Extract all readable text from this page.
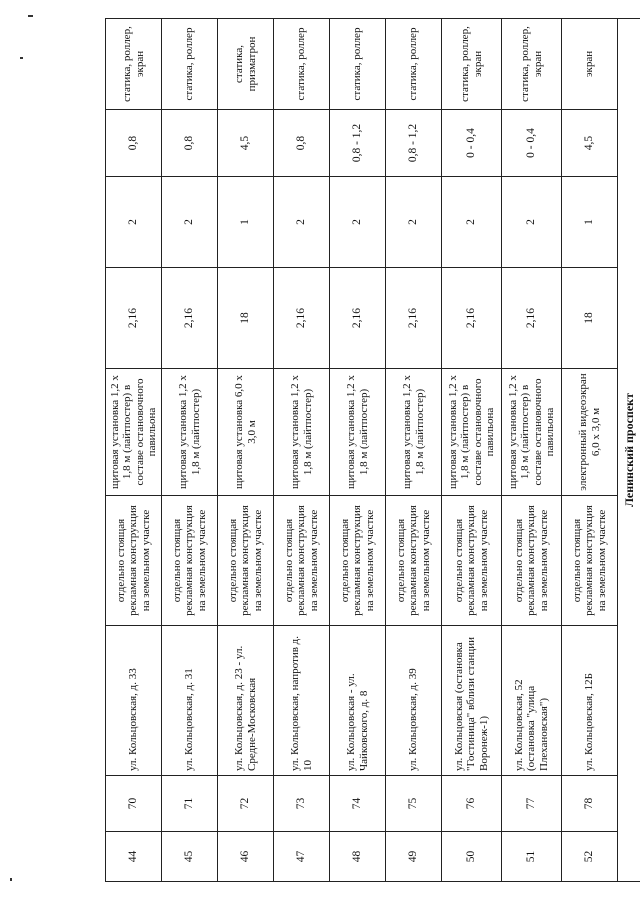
44	70	ул. Кольцовская, д. 33	отдельно стоящая рекламная конструкция на земельном участке	щитовая установка 1,2 х 1,8 м (лайтпостер) в составе остановочного павильона	2,16	2	0,8	статика, роллер, экран
45	71	ул. Кольцовская, д. 31	отдельно стоящая рекламная конструкция на земельном участке	щитовая установка 1,2 х 1,8 м (лайтпостер)	2,16	2	0,8	статика, роллер
46	72	ул. Кольцовская, д. 23 - ул. Средне-Московская	отдельно стоящая рекламная конструкция на земельном участке	щитовая установка 6,0 х 3,0 м	18	1	4,5	статика, призматрон
47	73	ул. Кольцовская, напротив д. 10	отдельно стоящая рекламная конструкция на земельном участке	щитовая установка 1,2 х 1,8 м (лайтпостер)	2,16	2	0,8	статика, роллер
48	74	ул. Кольцовская - ул. Чайковского, д. 8	отдельно стоящая рекламная конструкция на земельном участке	щитовая установка 1,2 х 1,8 м (лайтпостер)	2,16	2	0,8 - 1,2	статика, роллер
49	75	ул. Кольцовская, д. 39	отдельно стоящая рекламная конструкция на земельном участке	щитовая установка 1,2 х 1,8 м (лайтпостер)	2,16	2	0,8 - 1,2	статика, роллер
50	76	ул. Кольцовская (остановка "Гостиница" вблизи станции Воронеж-1)	отдельно стоящая рекламная конструкция на земельном участке	щитовая установка 1,2 х 1,8 м (лайтпостер) в составе остановочного павильона	2,16	2	0 - 0,4	статика, роллер, экран
51	77	ул. Кольцовская, 52 (остановка "улица Плехановская")	отдельно стоящая рекламная конструкция на земельном участке	щитовая установка 1,2 х 1,8 м (лайтпостер) в составе остановочного павильона	2,16	2	0 - 0,4	статика, роллер, экран
52	78	ул. Кольцовская, 12Б	отдельно стоящая рекламная конструкция на земельном участке	электронный видеоэкран 6,0 х 3,0 м	18	1	4,5	экран
Ленинский проспект								
